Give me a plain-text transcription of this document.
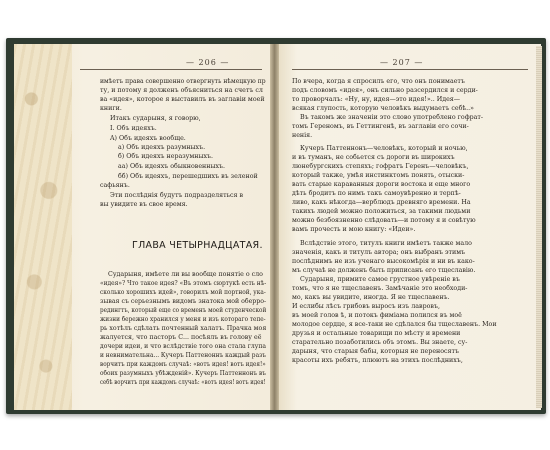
— 206 —
имѣетъ права совершенно отвергнуть нѣмецкую пр
ту, и потому я долженъ объясниться на счетъ сл
ва «идея», которое я выставилъ въ заглавіи моей
книги.
Итакъ сударыня, я говорю,
I. Объ идеяхъ.
A) Объ идеяхъ вообще.
a) Объ идеяхъ разумныхъ.
б) Объ идеяхъ неразумныхъ.
aa) Объ идеяхъ обыкновенныхъ.
бб) Объ идеяхъ, перешедшихъ въ зеленой
сафьянъ.
Эти послѣднія будутъ подразделяться в
вы увидите въ свое время.
ГЛАВА ЧЕТЫРНАДЦАТАЯ.
Сударыня, имѣете ли вы вообще понятіе о сло
«идея»? Что такое идея? «Въ этомъ сюртукѣ есть нѣ-
сколько хорошихъ идей», говорилъ мой портной, ука-
зывая съ серьезнымъ видомъ знатока мой оберро-
редингтъ, который еще со временъ моей студенческой
жизни бережно хранился у меня и изъ котораго тепе-
рь хотѣлъ сдѣлать почтенный халатъ. Прачка моя
жалуется, что пасторъ С... посѣялъ въ голову её
дочери идеи, и что вслѣдствіе того она стала глупа
и невнимательна... Кучеръ Паттеноннъ каждый разъ
ворчитъ при каждомъ случаѣ: «вотъ идея! вотъ идея!»
обоих разумныхъ убѣжденій». Кучеръ Паттеннонъ въ
себѣ ворчитъ при каждомъ случаѣ: «вотъ идея! вотъ идея!
— 207 —
По вчера, когда я спросилъ его, что онъ понимаетъ
подъ словомъ «идея», онъ сильно разсердился и серди-
то проворчалъ: «Ну, ну, идея—это идея!».. Идея—
всякая глупость, которую человѣкъ выдумаетъ себѣ..»
Въ такомъ же значеніи это слово употреблено гофрат-
томъ Гереномъ, въ Геттингенѣ, въ заглавіи его сочи-
ненія.
Кучеръ Паттеннонъ—человѣкъ, который и ночью,
и въ туманъ, не собьется съ дороги въ широкихъ
люнебургскихъ степяхъ; гофратъ Геренъ—человѣкъ,
который также, умѣя инстинктомъ понять, отыски-
вать старые караванныя дороги востока и еще много
дѣть бродитъ по нимъ такъ самоувѣренно и терпѣ-
ливо, какъ нѣкогда—верблюдъ древняго времени. На
такихъ людей можно положиться, за такими людьми
можно безбоязненно слѣдовать—и потому я и совѣтую
вамъ прочесть и мою книгу: «Идеи».
Вслѣдствіе этого, титулъ книги имѣетъ также мало
значенія, какъ и титулъ автора; онъ выбранъ этимъ
послѣднимъ не изъ ученаго высокомѣрія и ни въ како-
мъ случаѣ не долженъ быть приписанъ его тщеславію.
Сударыня, примите самое грустное увѣреніе въ
томъ, что я не тщеславенъ. Замѣчаніе это необходи-
мо, какъ вы увидите, иногда. Я не тщеславенъ.
И еслибы лѣсъ грибовъ выросъ изъ лавровъ,
въ моей голов ѣ, и потокъ фиміама полился въ моё
молодое сердце, я все-таки не сдѣлался бы тщеславенъ. Мои
друзья и остальные товарищи по мѣсту и времени
старательно позаботились объ этомъ. Вы знаете, су-
дарыня, что старыя бабы, которыя не переносятъ
красоты ихъ ребятъ, плюютъ на этихъ послѣднихъ,
